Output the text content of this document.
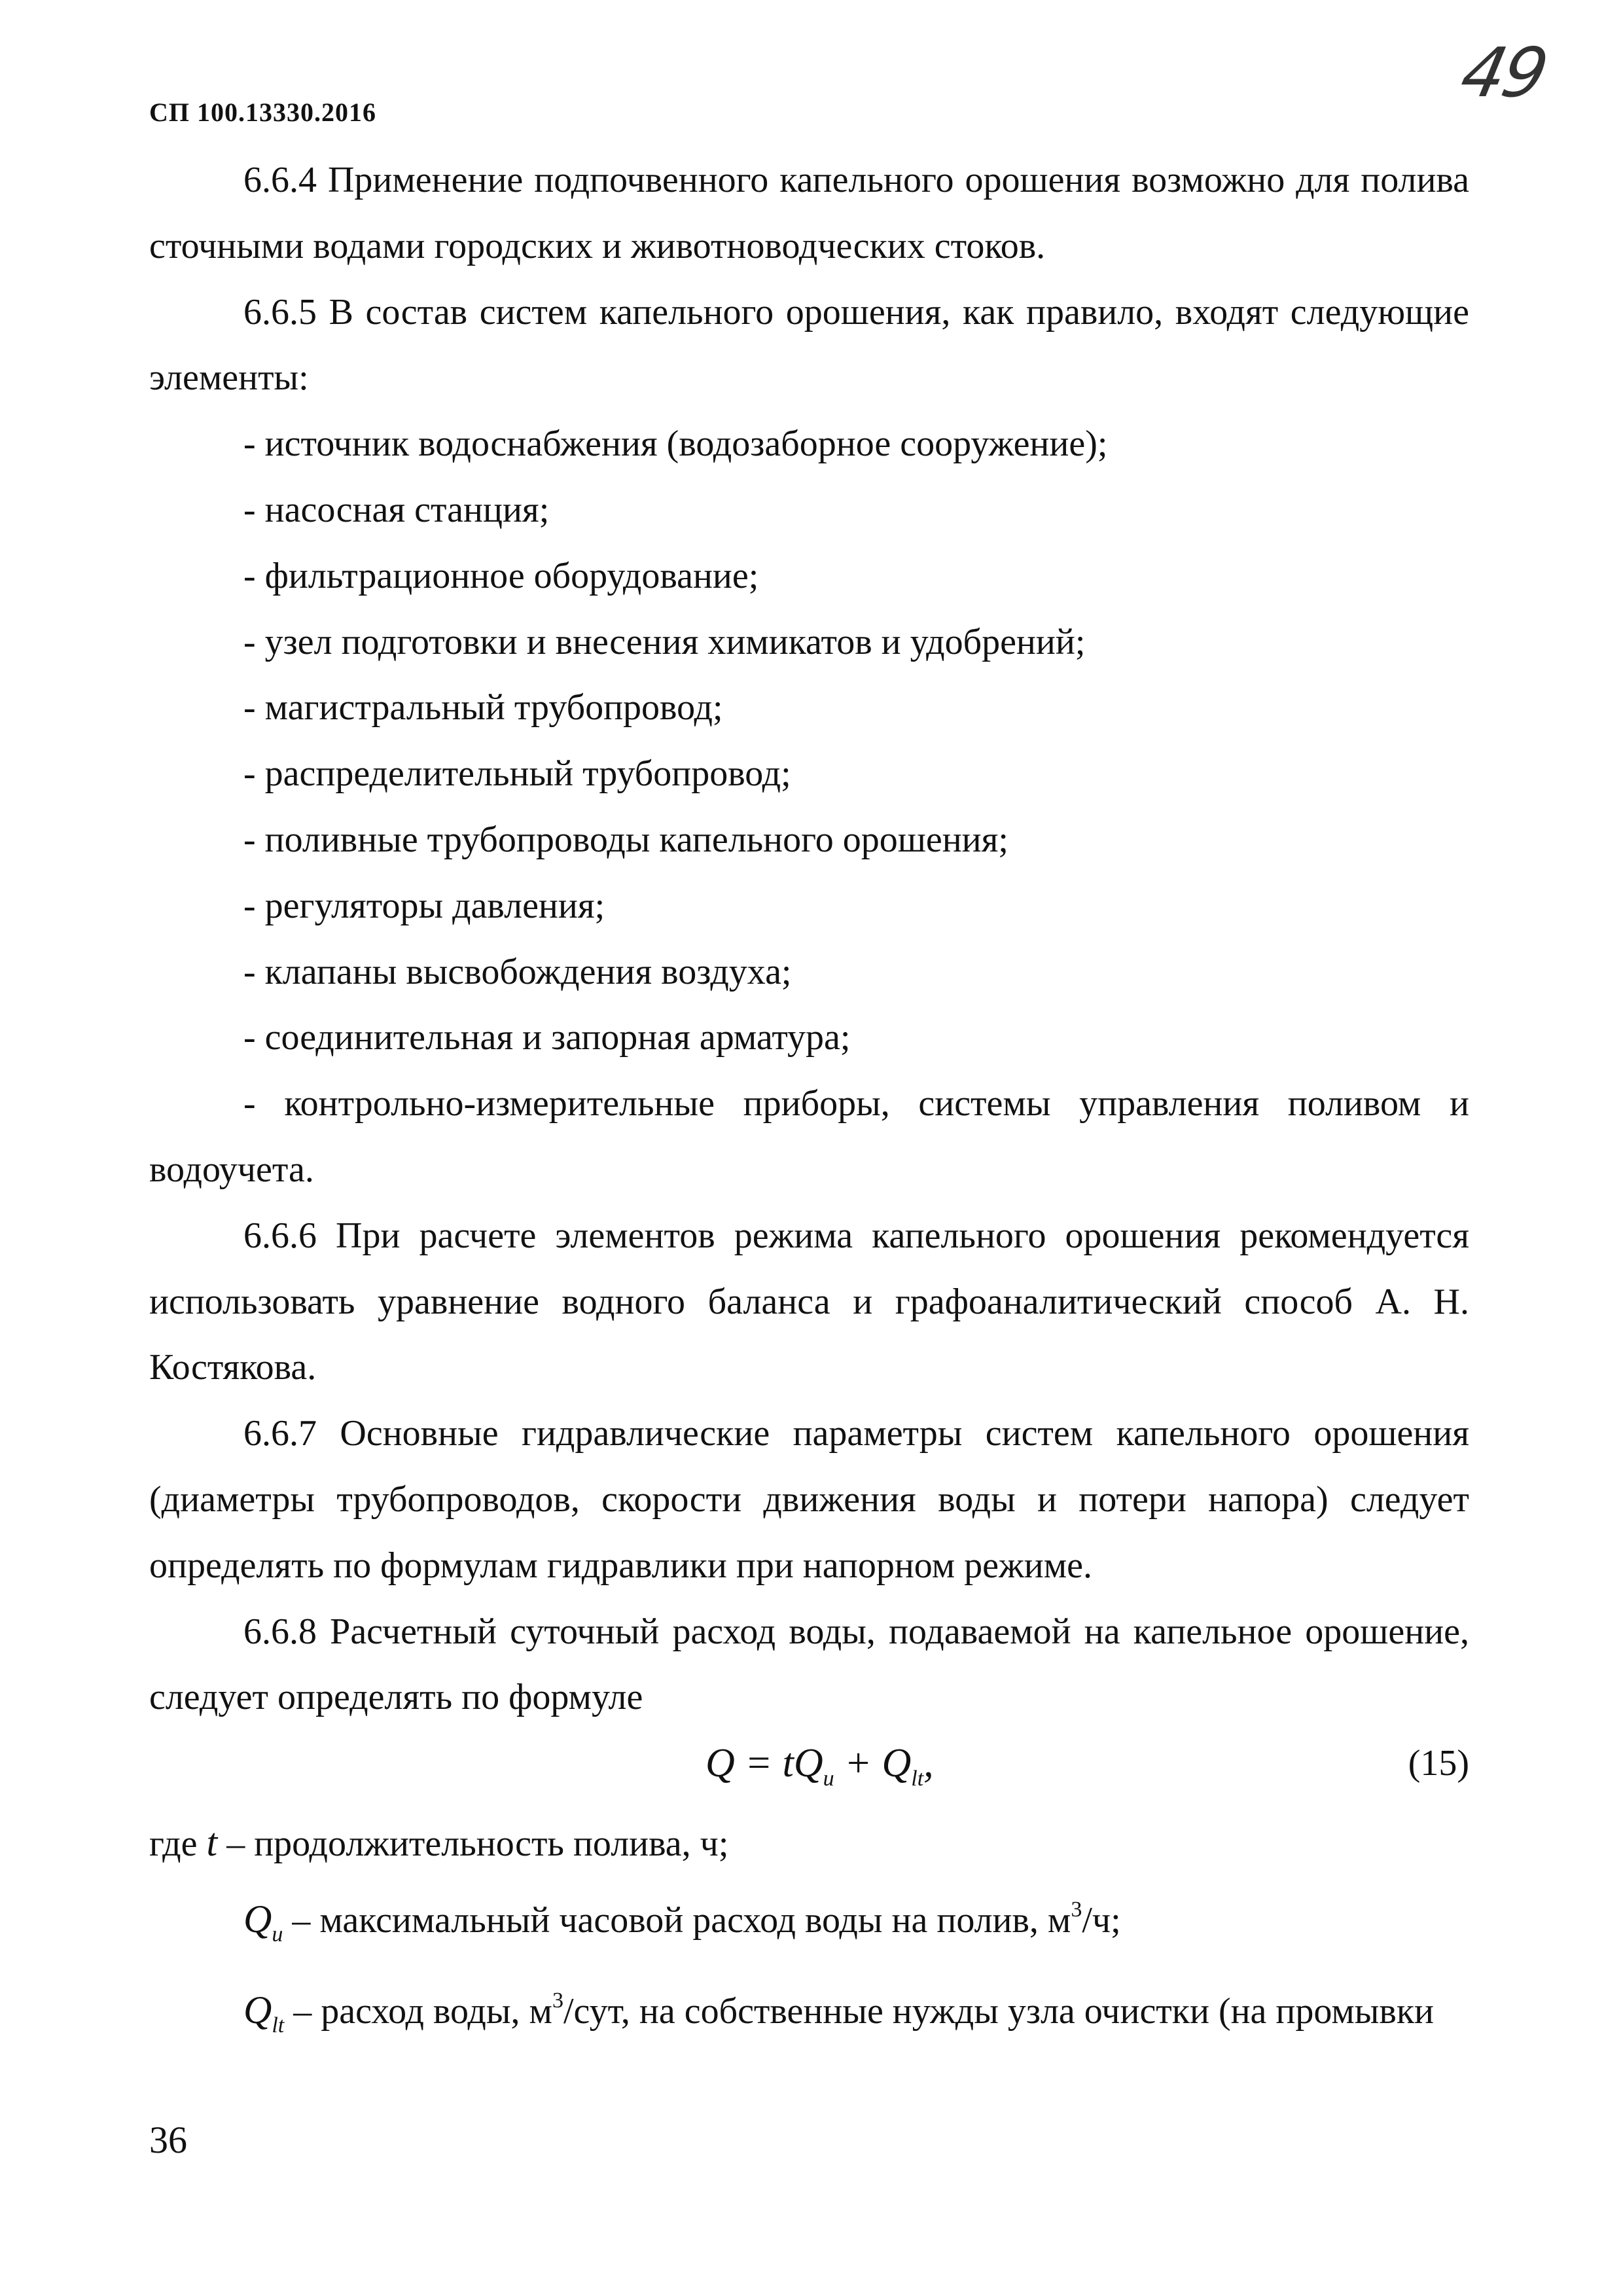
СП 100.13330.2016	49

6.6.4 Применение подпочвенного капельного орошения возможно для полива сточными водами городских и животноводческих стоков.

6.6.5 В состав систем капельного орошения, как правило, входят следующие элементы:

- источник водоснабжения (водозаборное сооружение);

- насосная станция;

- фильтрационное оборудование;

- узел подготовки и внесения химикатов и удобрений;

- магистральный трубопровод;

- распределительный трубопровод;

- поливные трубопроводы капельного орошения;

- регуляторы давления;

- клапаны высвобождения воздуха;

- соединительная и запорная арматура;

- контрольно-измерительные приборы, системы управления поливом и водоучета.

6.6.6 При расчете элементов режима капельного орошения рекомендуется использовать уравнение водного баланса и графоаналитический способ А. Н. Костякова.

6.6.7 Основные гидравлические параметры систем капельного орошения (диаметры трубопроводов, скорости движения воды и потери напора) следует определять по формулам гидравлики при напорном режиме.

6.6.8 Расчетный суточный расход воды, подаваемой на капельное орошение, следует определять по формуле

$Q = tQ_u + Q_{lt}$,	(15)

где t – продолжительность полива, ч;

$Q_u$ – максимальный часовой расход воды на полив, $м^3/ч$;

$Q_{lt}$ – расход воды, $м^3$/сут, на собственные нужды узла очистки (на промывки

36
